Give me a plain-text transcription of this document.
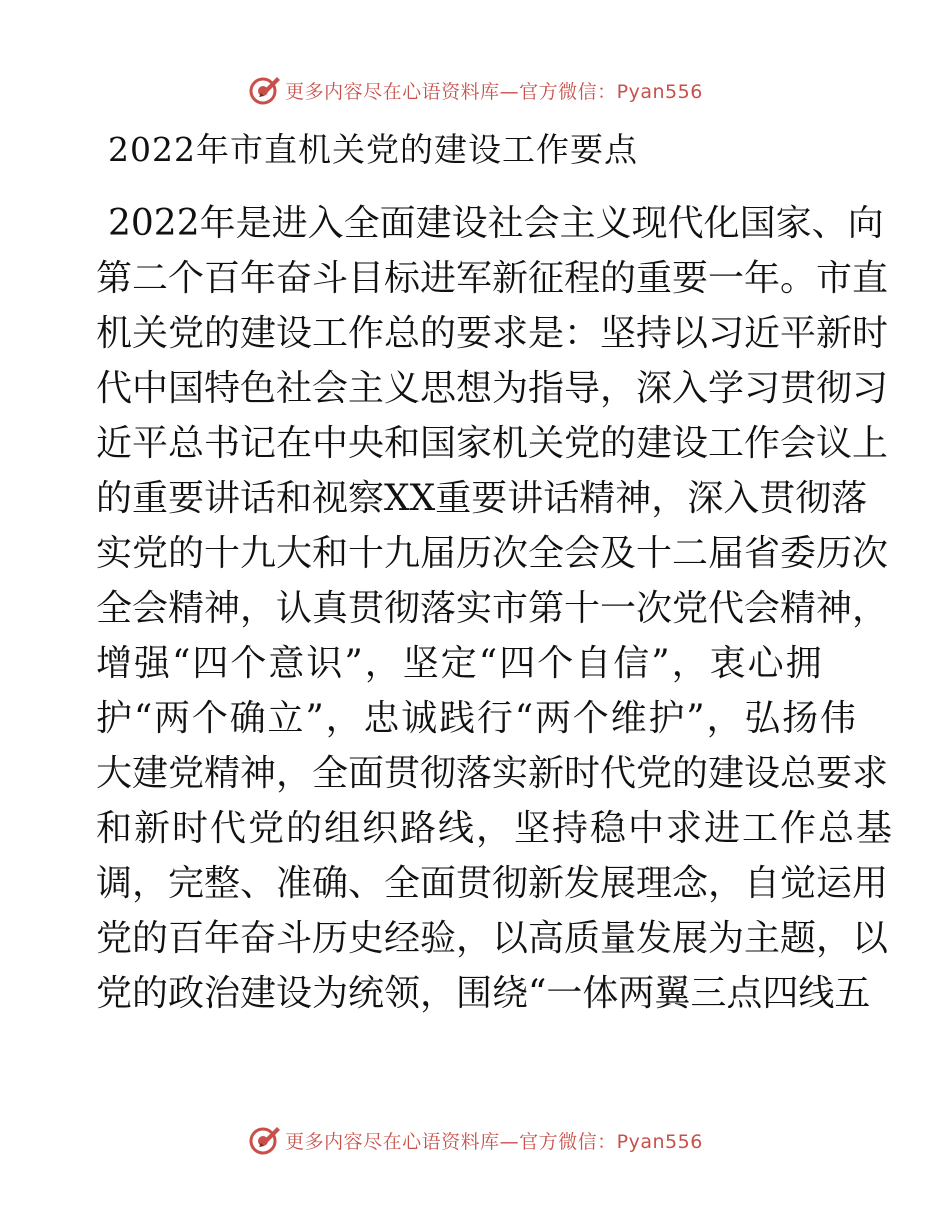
更多内容尽在心语资料库—官方微信：Pyan556
2022年市直机关党的建设工作要点
2022年是进入全面建设社会主义现代化国家、向
第二个百年奋斗目标进军新征程的重要一年。市直
机关党的建设工作总的要求是：坚持以习近平新时
代中国特色社会主义思想为指导，深入学习贯彻习
近平总书记在中央和国家机关党的建设工作会议上
的重要讲话和视察XX重要讲话精神，深入贯彻落
实党的十九大和十九届历次全会及十二届省委历次
全会精神，认真贯彻落实市第十一次党代会精神，
增强“四个意识”，坚定“四个自信”，衷心拥
护“两个确立”，忠诚践行“两个维护”，弘扬伟
大建党精神，全面贯彻落实新时代党的建设总要求
和新时代党的组织路线，坚持稳中求进工作总基
调，完整、准确、全面贯彻新发展理念，自觉运用
党的百年奋斗历史经验，以高质量发展为主题，以
党的政治建设为统领，围绕“一体两翼三点四线五
更多内容尽在心语资料库—官方微信：Pyan556
